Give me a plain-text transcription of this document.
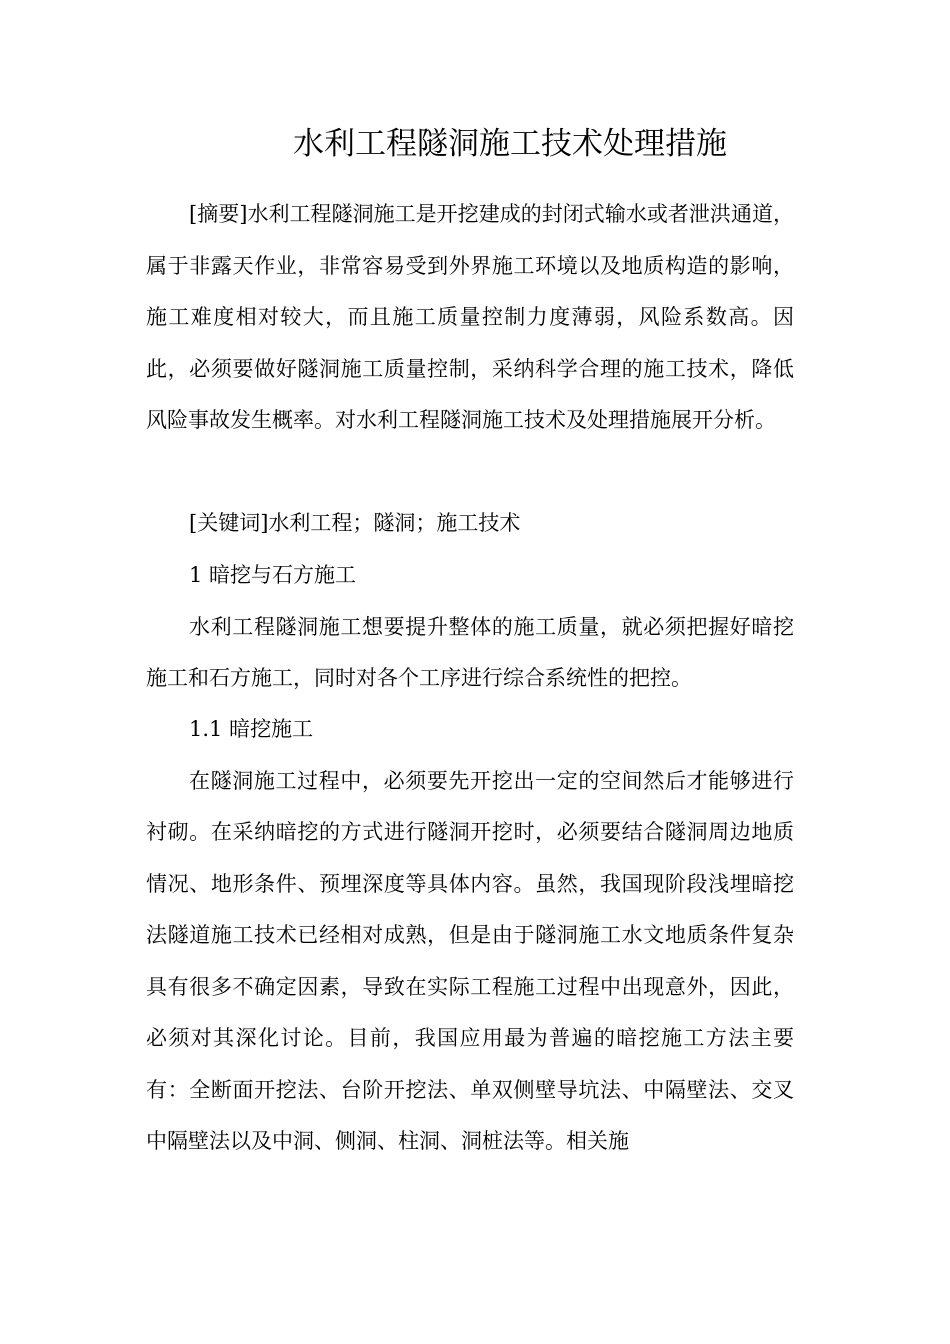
水利工程隧洞施工技术处理措施

[摘要]水利工程隧洞施工是开挖建成的封闭式输水或者泄洪通道，属于非露天作业，非常容易受到外界施工环境以及地质构造的影响，施工难度相对较大，而且施工质量控制力度薄弱，风险系数高。因此，必须要做好隧洞施工质量控制，采纳科学合理的施工技术，降低风险事故发生概率。对水利工程隧洞施工技术及处理措施展开分析。

[关键词]水利工程；隧洞；施工技术

1 暗挖与石方施工

水利工程隧洞施工想要提升整体的施工质量，就必须把握好暗挖施工和石方施工，同时对各个工序进行综合系统性的把控。

1.1 暗挖施工

在隧洞施工过程中，必须要先开挖出一定的空间然后才能够进行衬砌。在采纳暗挖的方式进行隧洞开挖时，必须要结合隧洞周边地质情况、地形条件、预埋深度等具体内容。虽然，我国现阶段浅埋暗挖法隧道施工技术已经相对成熟，但是由于隧洞施工水文地质条件复杂具有很多不确定因素，导致在实际工程施工过程中出现意外，因此，必须对其深化讨论。目前，我国应用最为普遍的暗挖施工方法主要有：全断面开挖法、台阶开挖法、单双侧壁导坑法、中隔壁法、交叉中隔壁法以及中洞、侧洞、柱洞、洞桩法等。相关施
